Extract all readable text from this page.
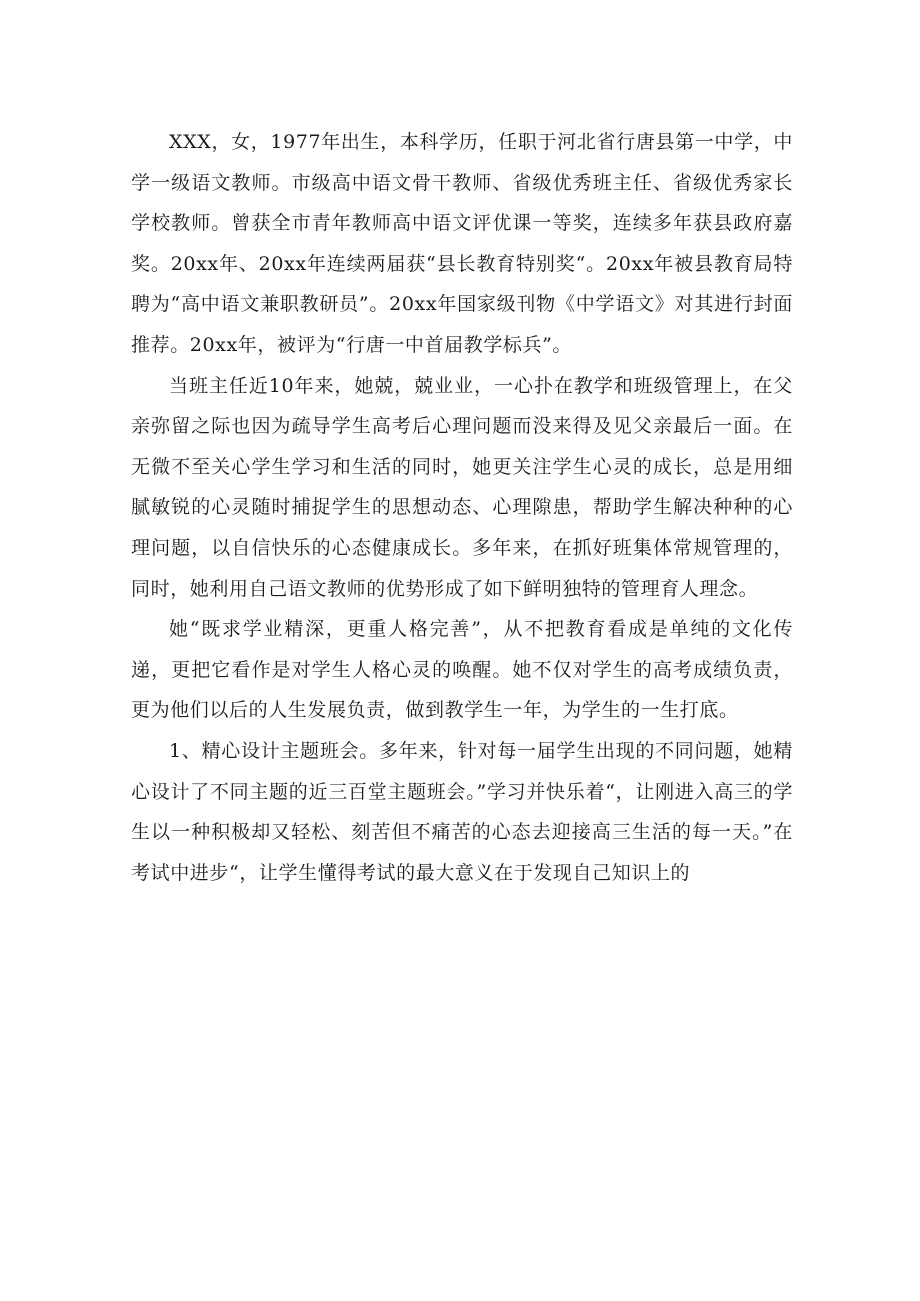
XXX，女，1977年出生，本科学历，任职于河北省行唐县第一中学，中学一级语文教师。市级高中语文骨干教师、省级优秀班主任、省级优秀家长学校教师。曾获全市青年教师高中语文评优课一等奖，连续多年获县政府嘉奖。20xx年、20xx年连续两届获“县长教育特别奖“。20xx年被县教育局特聘为“高中语文兼职教研员”。20xx年国家级刊物《中学语文》对其进行封面推荐。20xx年，被评为“行唐一中首届教学标兵”。

当班主任近10年来，她兢，兢业业，一心扑在教学和班级管理上，在父亲弥留之际也因为疏导学生高考后心理问题而没来得及见父亲最后一面。在无微不至关心学生学习和生活的同时，她更关注学生心灵的成长，总是用细腻敏锐的心灵随时捕捉学生的思想动态、心理隙患，帮助学生解决种种的心理问题，以自信快乐的心态健康成长。多年来，在抓好班集体常规管理的，同时，她利用自己语文教师的优势形成了如下鲜明独特的管理育人理念。

她“既求学业精深，更重人格完善”，从不把教育看成是单纯的文化传递，更把它看作是对学生人格心灵的唤醒。她不仅对学生的高考成绩负责，更为他们以后的人生发展负责，做到教学生一年，为学生的一生打底。

1、精心设计主题班会。多年来，针对每一届学生出现的不同问题，她精心设计了不同主题的近三百堂主题班会。”学习并快乐着“，让刚进入高三的学生以一种积极却又轻松、刻苦但不痛苦的心态去迎接高三生活的每一天。”在考试中进步“，让学生懂得考试的最大意义在于发现自己知识上的
